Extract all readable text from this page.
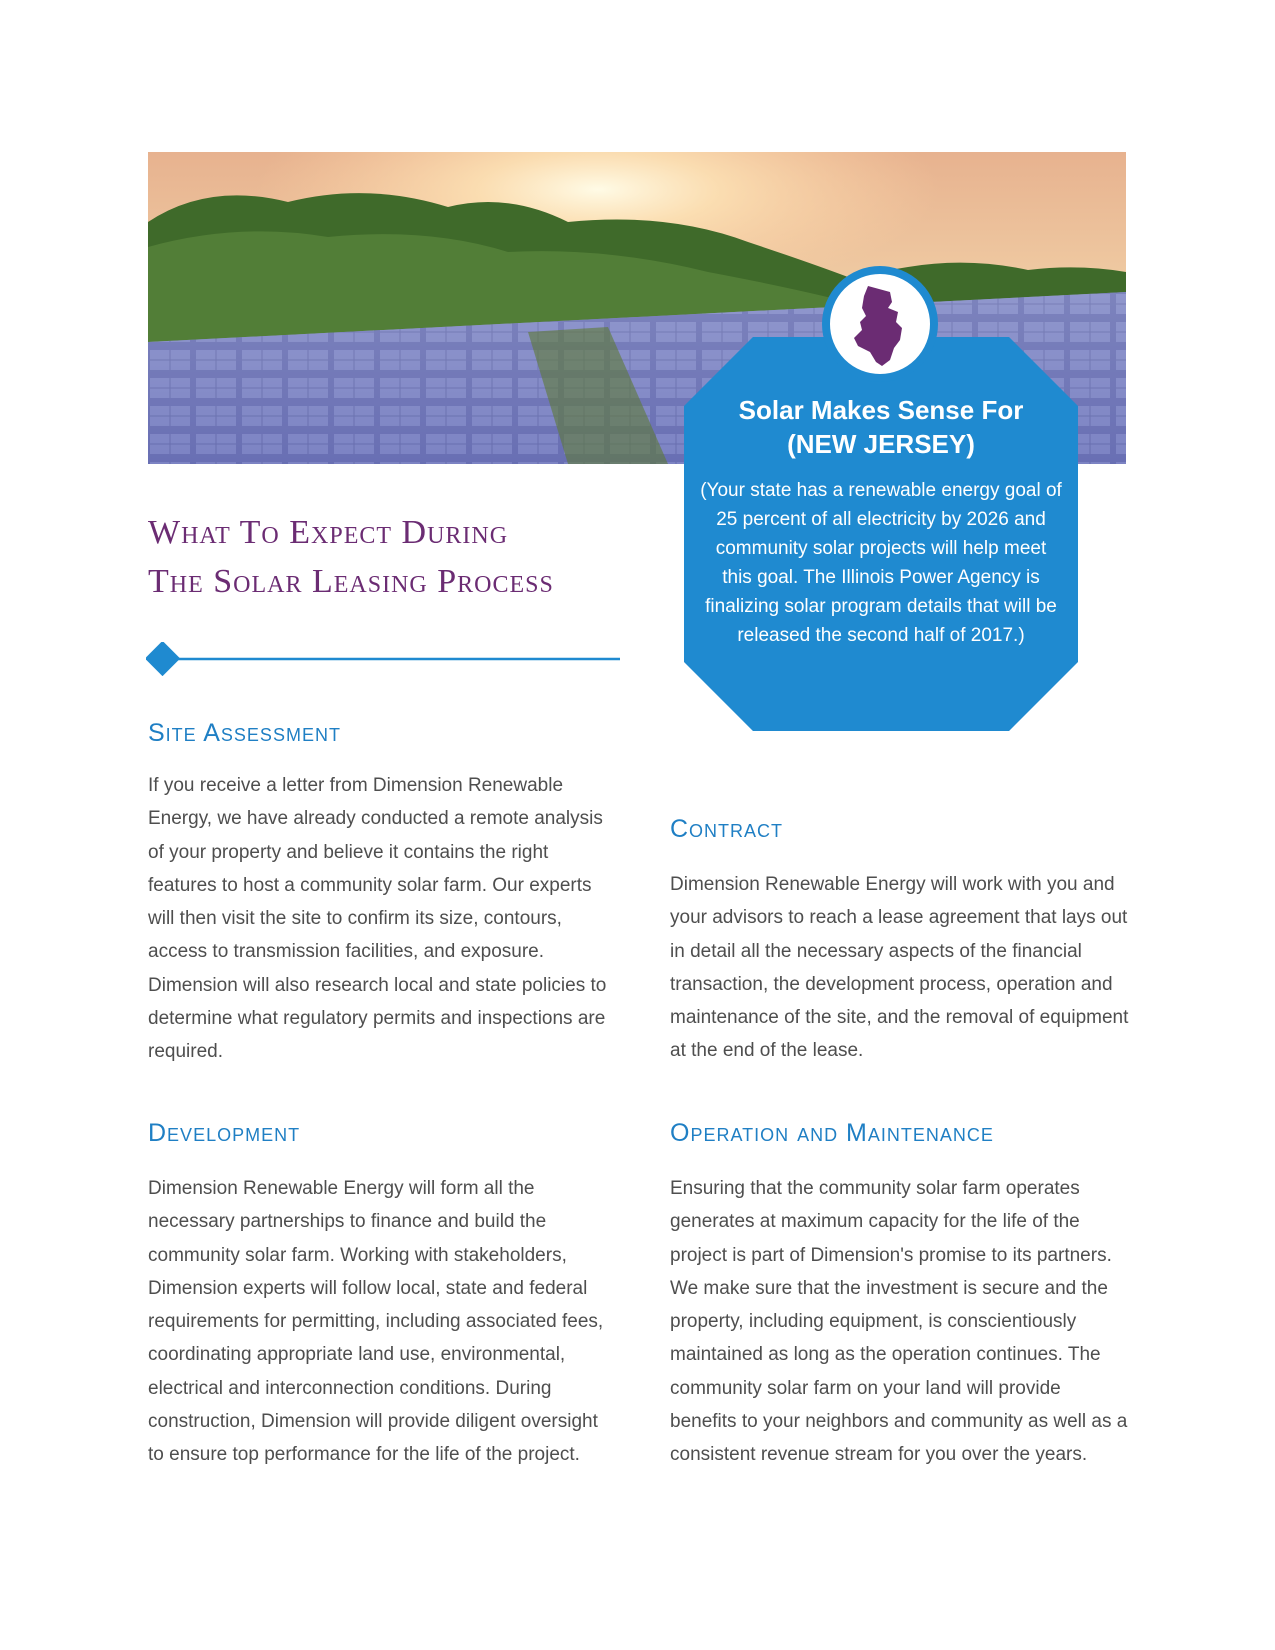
Solar Makes Sense For
(NEW JERSEY)

(Your state has a renewable energy goal of 25 percent of all electricity by 2026 and community solar projects will help meet this goal. The Illinois Power Agency is finalizing solar program details that will be released the second half of 2017.)

What To Expect During
The Solar Leasing Process
Site Assessment

If you receive a letter from Dimension Renewable Energy, we have already conducted a remote analysis of your property and believe it contains the right features to host a community solar farm. Our experts will then visit the site to confirm its size, contours, access to transmission facilities, and exposure. Dimension will also research local and state policies to determine what regulatory permits and inspections are required.

Contract

Dimension Renewable Energy will work with you and your advisors to reach a lease agreement that lays out in detail all the necessary aspects of the financial transaction, the development process, operation and maintenance of the site, and the removal of equipment at the end of the lease.

Development

Dimension Renewable Energy will form all the necessary partnerships to finance and build the community solar farm. Working with stakeholders, Dimension experts will follow local, state and federal requirements for permitting, including associated fees, coordinating appropriate land use, environmental, electrical and interconnection conditions. During construction, Dimension will provide diligent oversight to ensure top performance for the life of the project.

Operation and Maintenance

Ensuring that the community solar farm operates generates at maximum capacity for the life of the project is part of Dimension's promise to its partners. We make sure that the investment is secure and the property, including equipment, is conscientiously maintained as long as the operation continues. The community solar farm on your land will provide benefits to your neighbors and community as well as a consistent revenue stream for you over the years.
